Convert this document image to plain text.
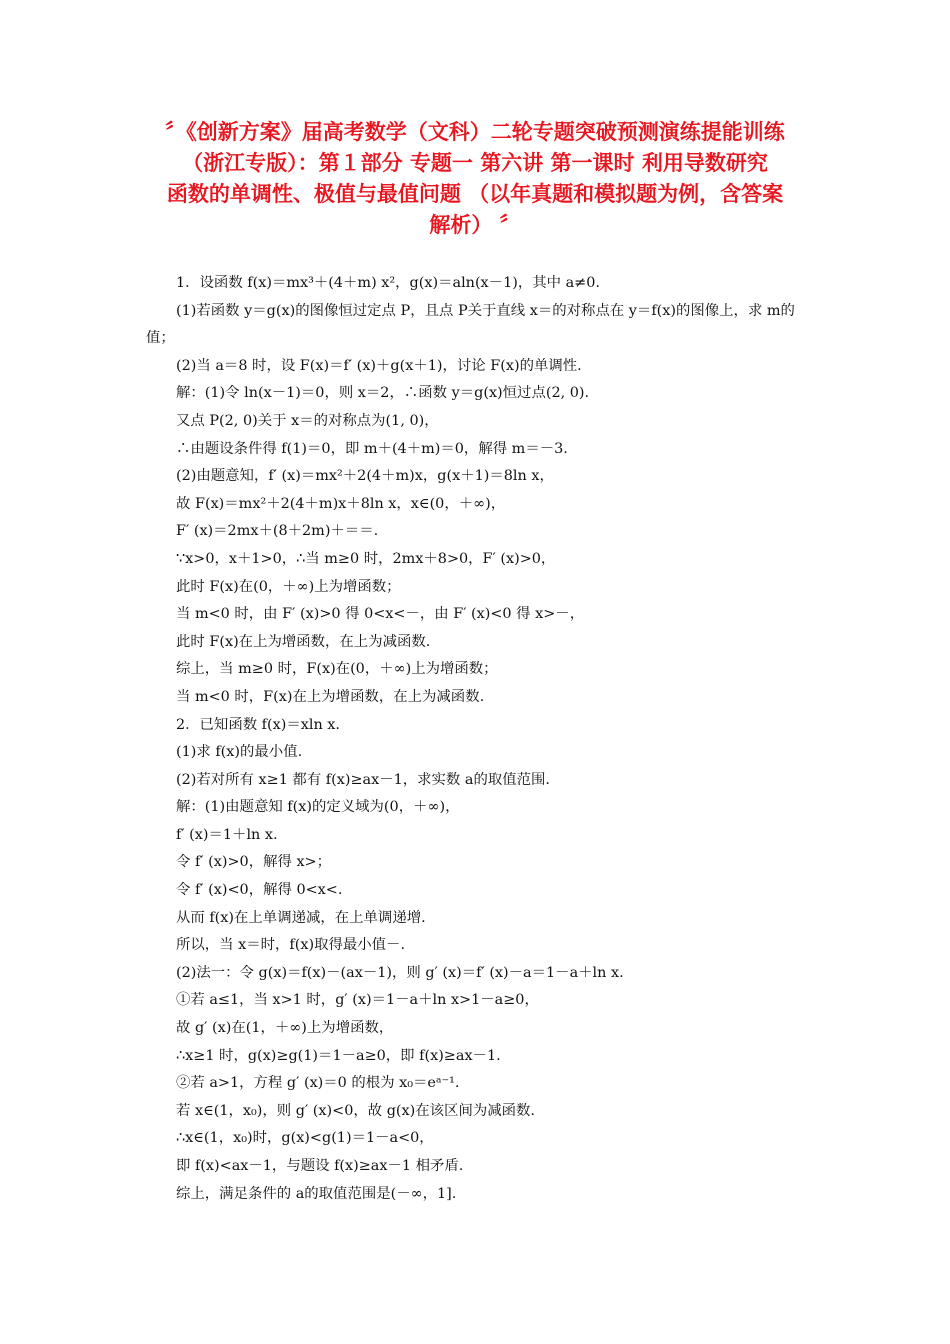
〞《创新方案》届高考数学（文科）二轮专题突破预测演练提能训练

（浙江专版）：第１部分 专题一 第六讲 第一课时 利用导数研究

函数的单调性、极值与最值问题 （以年真题和模拟题为例，含答案

解析） 〞

1．设函数 f(x)＝mx³＋(4＋m) x²，g(x)＝aln(x－1)，其中 a≠0.

(1)若函数 y＝g(x)的图像恒过定点 P，且点 P关于直线 x＝的对称点在 y＝f(x)的图像上，求 m的值；

(2)当 a＝8 时，设 F(x)＝f′ (x)＋g(x＋1)，讨论 F(x)的单调性.

解：(1)令 ln(x－1)＝0，则 x＝2，∴函数 y＝g(x)恒过点(2, 0).

又点 P(2, 0)关于 x＝的对称点为(1, 0)，

∴由题设条件得 f(1)＝0，即 m＋(4＋m)＝0，解得 m＝－3.

(2)由题意知，f′ (x)＝mx²＋2(4＋m)x，g(x＋1)＝8ln x，

故 F(x)＝mx²＋2(4＋m)x＋8ln x，x∈(0，＋∞)，

F′ (x)＝2mx＋(8＋2m)＋＝＝.

∵x>0，x＋1>0，∴当 m≥0 时，2mx＋8>0，F′ (x)>0，

此时 F(x)在(0，＋∞)上为增函数；

当 m<0 时，由 F′ (x)>0 得 0<x<－，由 F′ (x)<0 得 x>－，

此时 F(x)在上为增函数，在上为减函数.

综上，当 m≥0 时，F(x)在(0，＋∞)上为增函数；

当 m<0 时，F(x)在上为增函数，在上为减函数.

2．已知函数 f(x)＝xln x.

(1)求 f(x)的最小值.

(2)若对所有 x≥1 都有 f(x)≥ax－1，求实数 a的取值范围.

解：(1)由题意知 f(x)的定义域为(0，＋∞)，

f′ (x)＝1＋ln x.

令 f′ (x)>0，解得 x>；

令 f′ (x)<0，解得 0<x<.

从而 f(x)在上单调递减，在上单调递增.

所以，当 x＝时，f(x)取得最小值－.

(2)法一：令 g(x)＝f(x)－(ax－1)，则 g′ (x)＝f′ (x)－a＝1－a＋ln x.

①若 a≤1，当 x>1 时，g′ (x)＝1－a＋ln x>1－a≥0，

故 g′ (x)在(1，＋∞)上为增函数，

∴x≥1 时，g(x)≥g(1)＝1－a≥0，即 f(x)≥ax－1.

②若 a>1，方程 g′ (x)＝0 的根为 x₀＝eᵃ⁻¹.

若 x∈(1，x₀)，则 g′ (x)<0，故 g(x)在该区间为减函数.

∴x∈(1，x₀)时，g(x)<g(1)＝1－a<0，

即 f(x)<ax－1，与题设 f(x)≥ax－1 相矛盾.

综上，满足条件的 a的取值范围是(－∞，1].
